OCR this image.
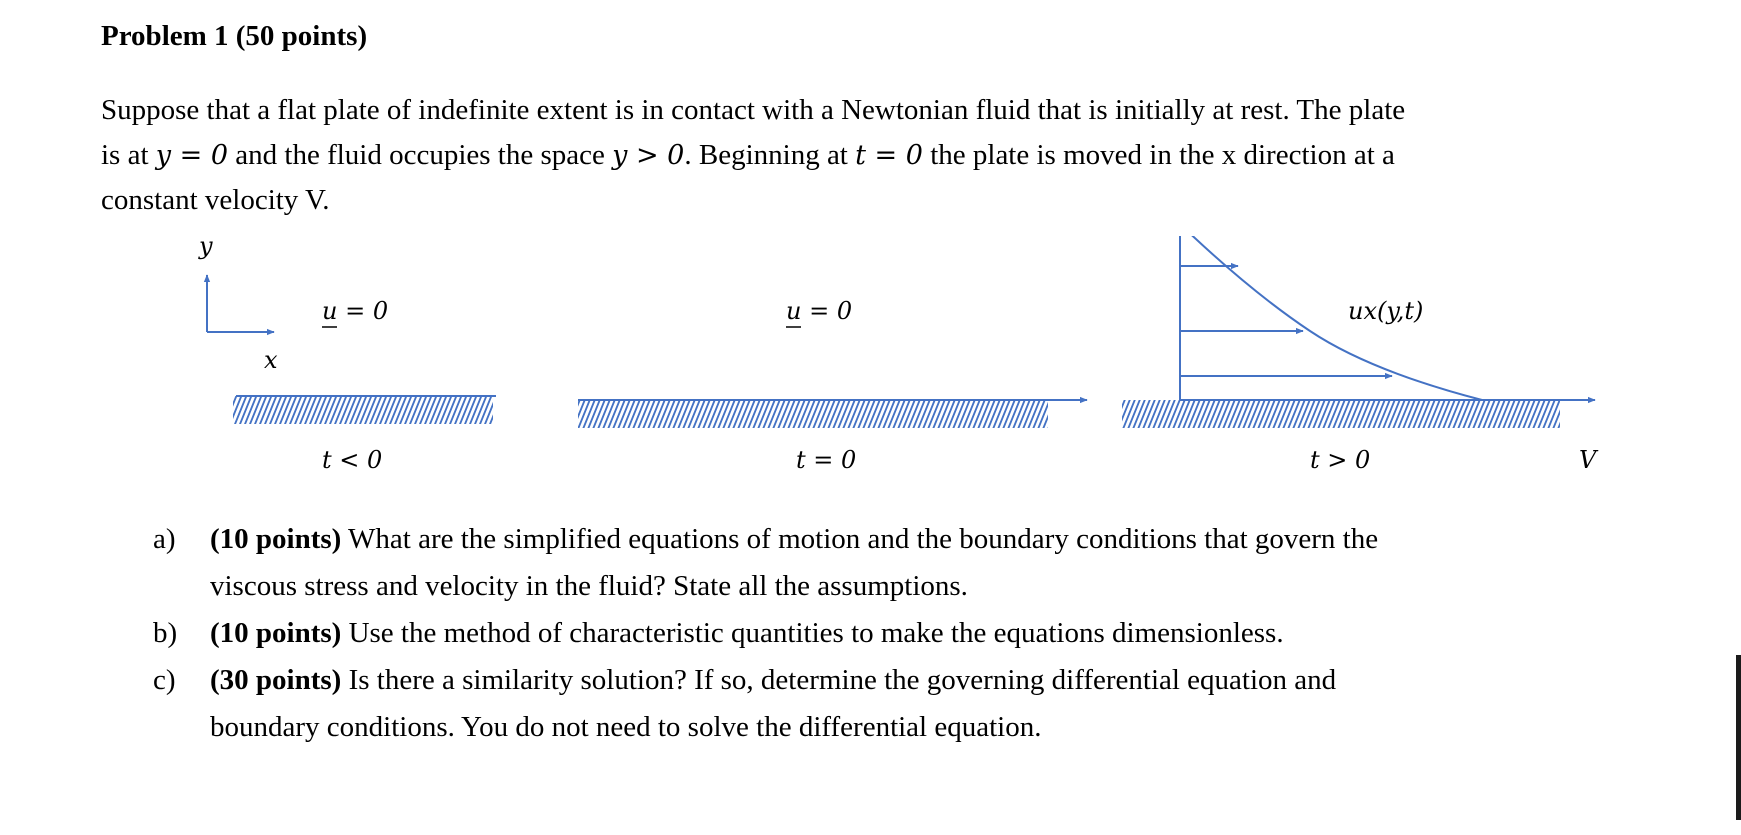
Problem 1 (50 points)
Suppose that a flat plate of indefinite extent is in contact with a Newtonian fluid that is initially at rest. The plate
is at y = 0 and the fluid occupies the space y > 0. Beginning at t = 0 the plate is moved in the x direction at a
constant velocity V.
y
x
u = 0
t < 0
u = 0
t = 0
ux(y,t)
t > 0	V
a) (10 points) What are the simplified equations of motion and the boundary conditions that govern the
viscous stress and velocity in the fluid? State all the assumptions.
b) (10 points) Use the method of characteristic quantities to make the equations dimensionless.
c) (30 points) Is there a similarity solution? If so, determine the governing differential equation and
boundary conditions. You do not need to solve the differential equation.
